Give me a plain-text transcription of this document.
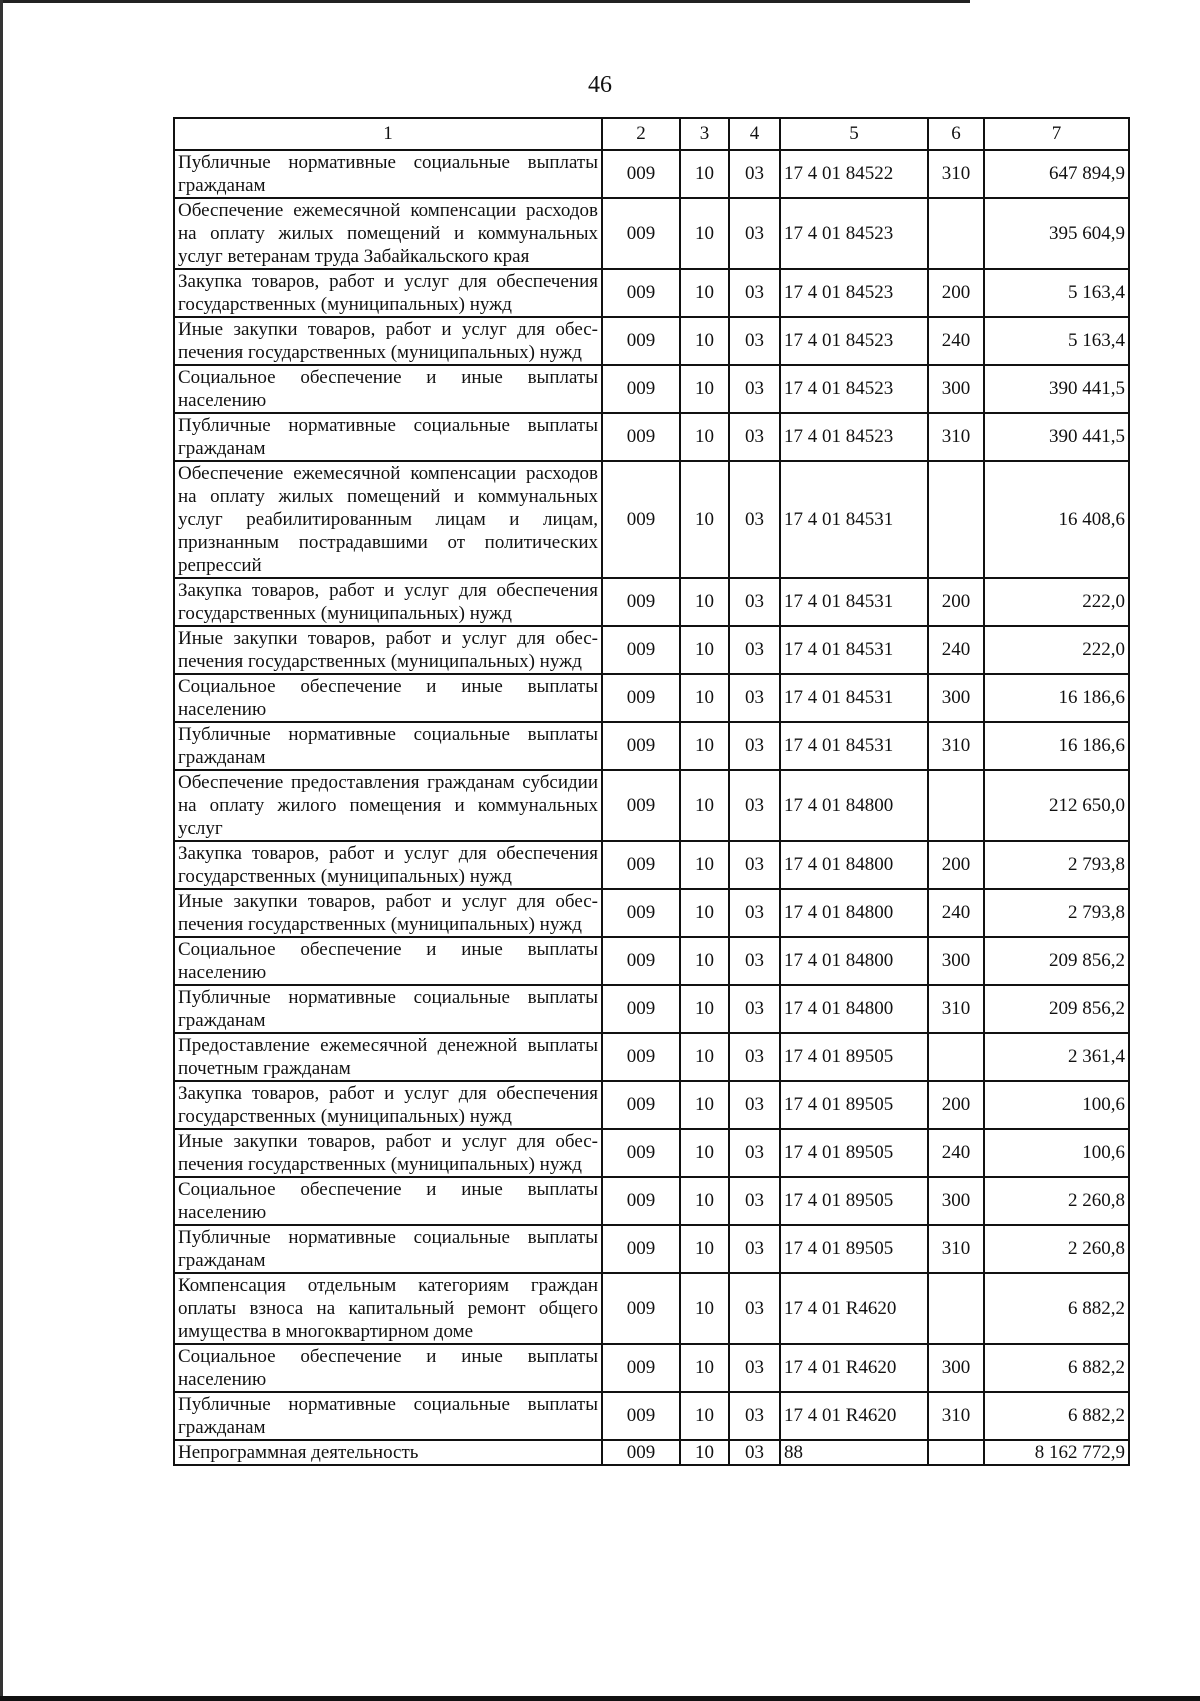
46
1	2	3	4	5	6	7
Публичные нормативные социальные выплаты гражданам	009	10	03	17 4 01 84522	310	647 894,9
Обеспечение ежемесячной компенсации расходов на оплату жилых помещений и коммунальных услуг ветеранам труда Забайкальского края	009	10	03	17 4 01 84523		395 604,9
Закупка товаров, работ и услуг для обеспечения государственных (муниципальных) нужд	009	10	03	17 4 01 84523	200	5 163,4
Иные закупки товаров, работ и услуг для обеспечения государственных (муниципальных) нужд	009	10	03	17 4 01 84523	240	5 163,4
Социальное обеспечение и иные выплаты населению	009	10	03	17 4 01 84523	300	390 441,5
Публичные нормативные социальные выплаты гражданам	009	10	03	17 4 01 84523	310	390 441,5
Обеспечение ежемесячной компенсации расходов на оплату жилых помещений и коммунальных услуг реабилитированным лицам и лицам, признанным пострадавшими от политических репрессий	009	10	03	17 4 01 84531		16 408,6
Закупка товаров, работ и услуг для обеспечения государственных (муниципальных) нужд	009	10	03	17 4 01 84531	200	222,0
Иные закупки товаров, работ и услуг для обеспечения государственных (муниципальных) нужд	009	10	03	17 4 01 84531	240	222,0
Социальное обеспечение и иные выплаты населению	009	10	03	17 4 01 84531	300	16 186,6
Публичные нормативные социальные выплаты гражданам	009	10	03	17 4 01 84531	310	16 186,6
Обеспечение предоставления гражданам субсидии на оплату жилого помещения и коммунальных услуг	009	10	03	17 4 01 84800		212 650,0
Закупка товаров, работ и услуг для обеспечения государственных (муниципальных) нужд	009	10	03	17 4 01 84800	200	2 793,8
Иные закупки товаров, работ и услуг для обеспечения государственных (муниципальных) нужд	009	10	03	17 4 01 84800	240	2 793,8
Социальное обеспечение и иные выплаты населению	009	10	03	17 4 01 84800	300	209 856,2
Публичные нормативные социальные выплаты гражданам	009	10	03	17 4 01 84800	310	209 856,2
Предоставление ежемесячной денежной выплаты почетным гражданам	009	10	03	17 4 01 89505		2 361,4
Закупка товаров, работ и услуг для обеспечения государственных (муниципальных) нужд	009	10	03	17 4 01 89505	200	100,6
Иные закупки товаров, работ и услуг для обеспечения государственных (муниципальных) нужд	009	10	03	17 4 01 89505	240	100,6
Социальное обеспечение и иные выплаты населению	009	10	03	17 4 01 89505	300	2 260,8
Публичные нормативные социальные выплаты гражданам	009	10	03	17 4 01 89505	310	2 260,8
Компенсация отдельным категориям граждан оплаты взноса на капитальный ремонт общего имущества в многоквартирном доме	009	10	03	17 4 01 R4620		6 882,2
Социальное обеспечение и иные выплаты населению	009	10	03	17 4 01 R4620	300	6 882,2
Публичные нормативные социальные выплаты гражданам	009	10	03	17 4 01 R4620	310	6 882,2
Непрограммная деятельность	009	10	03	88		8 162 772,9
